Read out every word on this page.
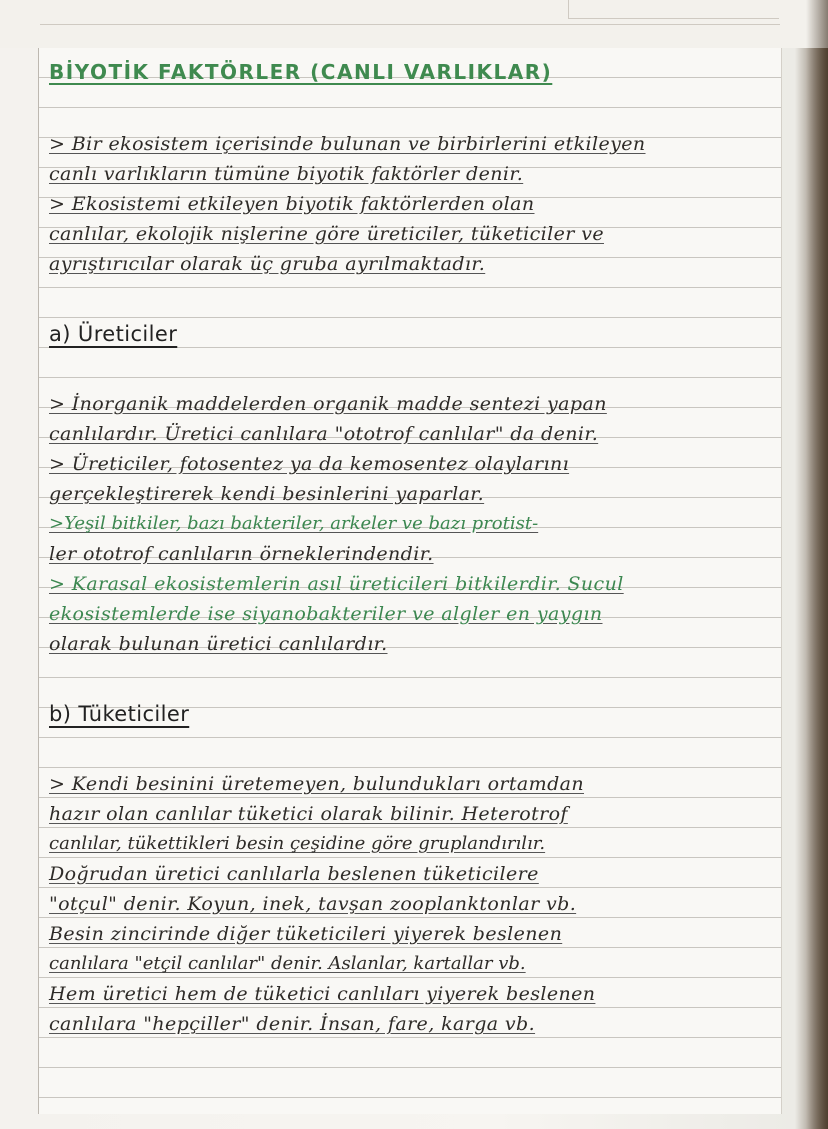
BİYOTİK FAKTÖRLER (CANLI VARLIKLAR)
> Bir ekosistem içerisinde bulunan ve birbirlerini etkileyen
canlı varlıkların tümüne biyotik faktörler denir.
> Ekosistemi etkileyen biyotik faktörlerden olan
canlılar, ekolojik nişlerine göre üreticiler, tüketiciler ve
ayrıştırıcılar olarak üç gruba ayrılmaktadır.
a) Üreticiler
> İnorganik maddelerden organik madde sentezi yapan
canlılardır. Üretici canlılara "ototrof canlılar" da denir.
> Üreticiler, fotosentez ya da kemosentez olaylarını
gerçekleştirerek kendi besinlerini yaparlar.
>Yeşil bitkiler, bazı bakteriler, arkeler ve bazı protist-
ler ototrof canlıların örneklerindendir.
> Karasal ekosistemlerin asıl üreticileri bitkilerdir. Sucul
ekosistemlerde ise siyanobakteriler ve algler en yaygın
olarak bulunan üretici canlılardır.
b) Tüketiciler
> Kendi besinini üretemeyen, bulundukları ortamdan
hazır olan canlılar tüketici olarak bilinir. Heterotrof
canlılar, tükettikleri besin çeşidine göre gruplandırılır.
Doğrudan üretici canlılarla beslenen tüketicilere
"otçul" denir. Koyun, inek, tavşan zooplanktonlar vb.
Besin zincirinde diğer tüketicileri yiyerek beslenen
canlılara "etçil canlılar" denir. Aslanlar, kartallar vb.
Hem üretici hem de tüketici canlıları yiyerek beslenen
canlılara "hepçiller" denir. İnsan, fare, karga vb.
